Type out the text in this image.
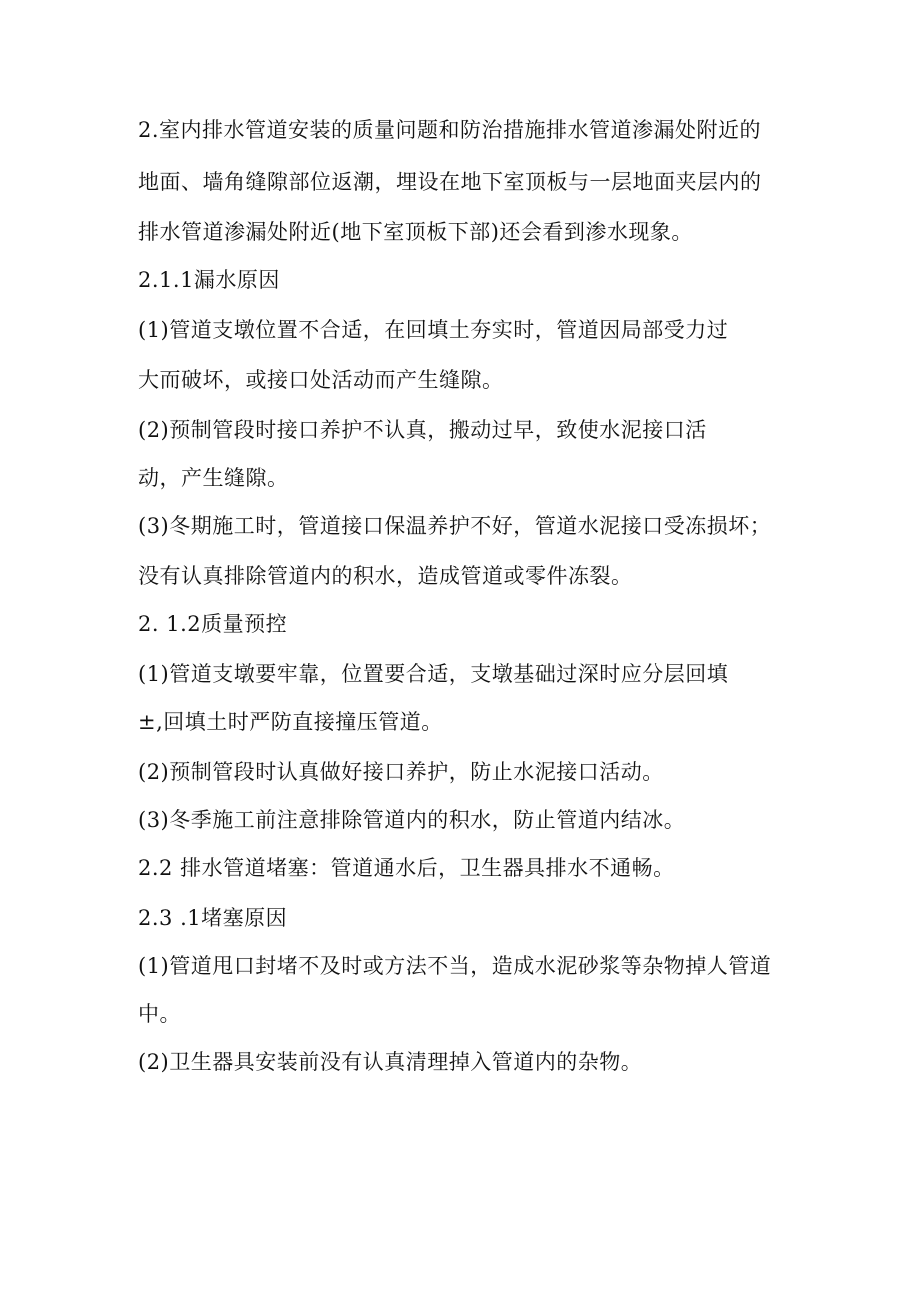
2.室内排水管道安装的质量问题和防治措施排水管道渗漏处附近的
地面、墙角缝隙部位返潮，埋设在地下室顶板与一层地面夹层内的
排水管道渗漏处附近(地下室顶板下部)还会看到渗水现象。
2.1.1漏水原因
(1)管道支墩位置不合适，在回填土夯实时，管道因局部受力过
大而破坏，或接口处活动而产生缝隙。
(2)预制管段时接口养护不认真，搬动过早，致使水泥接口活
动，产生缝隙。
(3)冬期施工时，管道接口保温养护不好，管道水泥接口受冻损坏；
没有认真排除管道内的积水，造成管道或零件冻裂。
2. 1.2质量预控
(1)管道支墩要牢靠，位置要合适，支墩基础过深时应分层回填
±,回填土时严防直接撞压管道。
(2)预制管段时认真做好接口养护，防止水泥接口活动。
(3)冬季施工前注意排除管道内的积水，防止管道内结冰。
2.2 排水管道堵塞：管道通水后，卫生器具排水不通畅。
2.3 .1堵塞原因
(1)管道甩口封堵不及时或方法不当，造成水泥砂浆等杂物掉人管道
中。
(2)卫生器具安装前没有认真清理掉入管道内的杂物。
